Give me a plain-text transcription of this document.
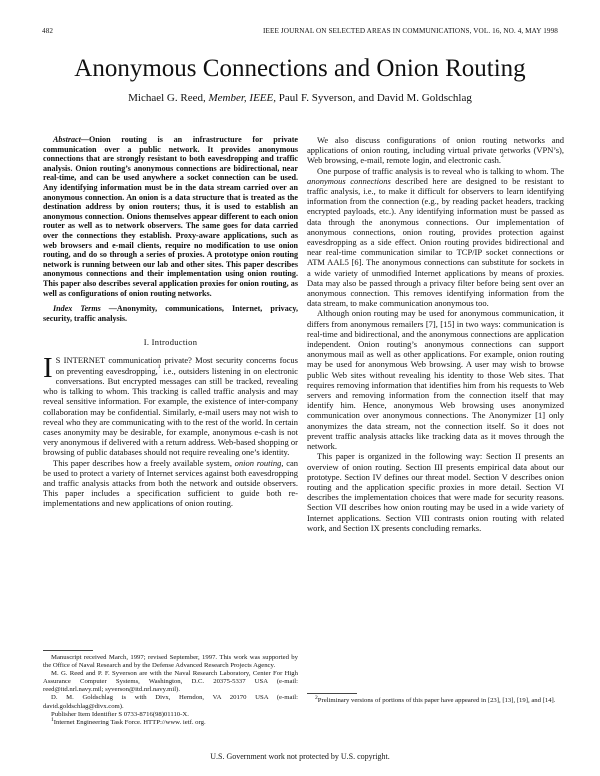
482	IEEE JOURNAL ON SELECTED AREAS IN COMMUNICATIONS, VOL. 16, NO. 4, MAY 1998
Anonymous Connections and Onion Routing
Michael G. Reed, Member, IEEE, Paul F. Syverson, and David M. Goldschlag

Abstract—Onion routing is an infrastructure for private communication over a public network. It provides anonymous connections that are strongly resistant to both eavesdropping and traffic analysis. Onion routing’s anonymous connections are bidirectional, near real-time, and can be used anywhere a socket connection can be used. Any identifying information must be in the data stream carried over an anonymous connection. An onion is a data structure that is treated as the destination address by onion routers; thus, it is used to establish an anonymous connection. Onions themselves appear different to each onion router as well as to network observers. The same goes for data carried over the connections they establish. Proxy-aware applications, such as web browsers and e-mail clients, require no modification to use onion routing, and do so through a series of proxies. A prototype onion routing network is running between our lab and other sites. This paper describes anonymous connections and their implementation using onion routing. This paper also describes several application proxies for onion routing, as well as configurations of onion routing networks.

Index Terms —Anonymity, communications, Internet, privacy, security, traffic analysis.

I. Introduction

I S INTERNET communication private? Most security concerns focus on preventing eavesdropping,$^1$ i.e., outsiders listening in on electronic conversations. But encrypted messages can still be tracked, revealing who is talking to whom. This tracking is called traffic analysis and may reveal sensitive information. For example, the existence of inter-company collaboration may be confidential. Similarly, e-mail users may not wish to reveal who they are communicating with to the rest of the world. In certain cases anonymity may be desirable, for example, anonymous e-cash is not very anonymous if delivered with a return address. Web-based shopping or browsing of public databases should not require revealing one’s identity.

This paper describes how a freely available system, onion routing, can be used to protect a variety of Internet services against both eavesdropping and traffic analysis attacks from both the network and outside observers. This paper includes a specification sufficient to guide both re-implementations and new applications of onion routing.

Manuscript received March, 1997; revised September, 1997. This work was supported by the Office of Naval Research and by the Defense Advanced Research Projects Agency.

M. G. Reed and P. F. Syverson are with the Naval Research Laboratory, Center For High Assurance Computer Systems, Washington, D.C. 20375-5337 USA (e-mail: reed@itd.nrl.navy.mil; syverson@itd.nrl.navy.mil).

D. M. Goldschlag is with Divx, Herndon, VA 20170 USA (e-mail: david.goldschlag@divx.com).

Publisher Item Identifier S 0733-8716(98)01110-X.

$^1$Internet Engineering Task Force. HTTP://www. ietf. org.

We also discuss configurations of onion routing networks and applications of onion routing, including virtual private networks (VPN’s), Web browsing, e-mail, remote login, and electronic cash.$^2$

One purpose of traffic analysis is to reveal who is talking to whom. The anonymous connections described here are designed to be resistant to traffic analysis, i.e., to make it difficult for observers to learn identifying information from the connection (e.g., by reading packet headers, tracking encrypted payloads, etc.). Any identifying information must be passed as data through the anonymous connections. Our implementation of anonymous connections, onion routing, provides protection against eavesdropping as a side effect. Onion routing provides bidirectional and near real-time communication similar to TCP/IP socket connections or ATM AAL5 [6]. The anonymous connections can substitute for sockets in a wide variety of unmodified Internet applications by means of proxies. Data may also be passed through a privacy filter before being sent over an anonymous connection. This removes identifying information from the data stream, to make communication anonymous too.

Although onion routing may be used for anonymous communication, it differs from anonymous remailers [7], [15] in two ways: communication is real-time and bidirectional, and the anonymous connections are application independent. Onion routing’s anonymous connections can support anonymous mail as well as other applications. For example, onion routing may be used for anonymous Web browsing. A user may wish to browse public Web sites without revealing his identity to those Web sites. That requires removing information that identifies him from his requests to Web servers and removing information from the connection itself that may identify him. Hence, anonymous Web browsing uses anonymized communication over anonymous connections. The Anonymizer [1] only anonymizes the data stream, not the connection itself. So it does not prevent traffic analysis attacks like tracking data as it moves through the network.

This paper is organized in the following way: Section II presents an overview of onion routing. Section III presents empirical data about our prototype. Section IV defines our threat model. Section V describes onion routing and the application specific proxies in more detail. Section VI describes the implementation choices that were made for security reasons. Section VII describes how onion routing may be used in a wide variety of Internet applications. Section VIII contrasts onion routing with related work, and Section IX presents concluding remarks.

$^2$Preliminary versions of portions of this paper have appeared in [23], [13], [19], and [14].

U.S. Government work not protected by U.S. copyright.
